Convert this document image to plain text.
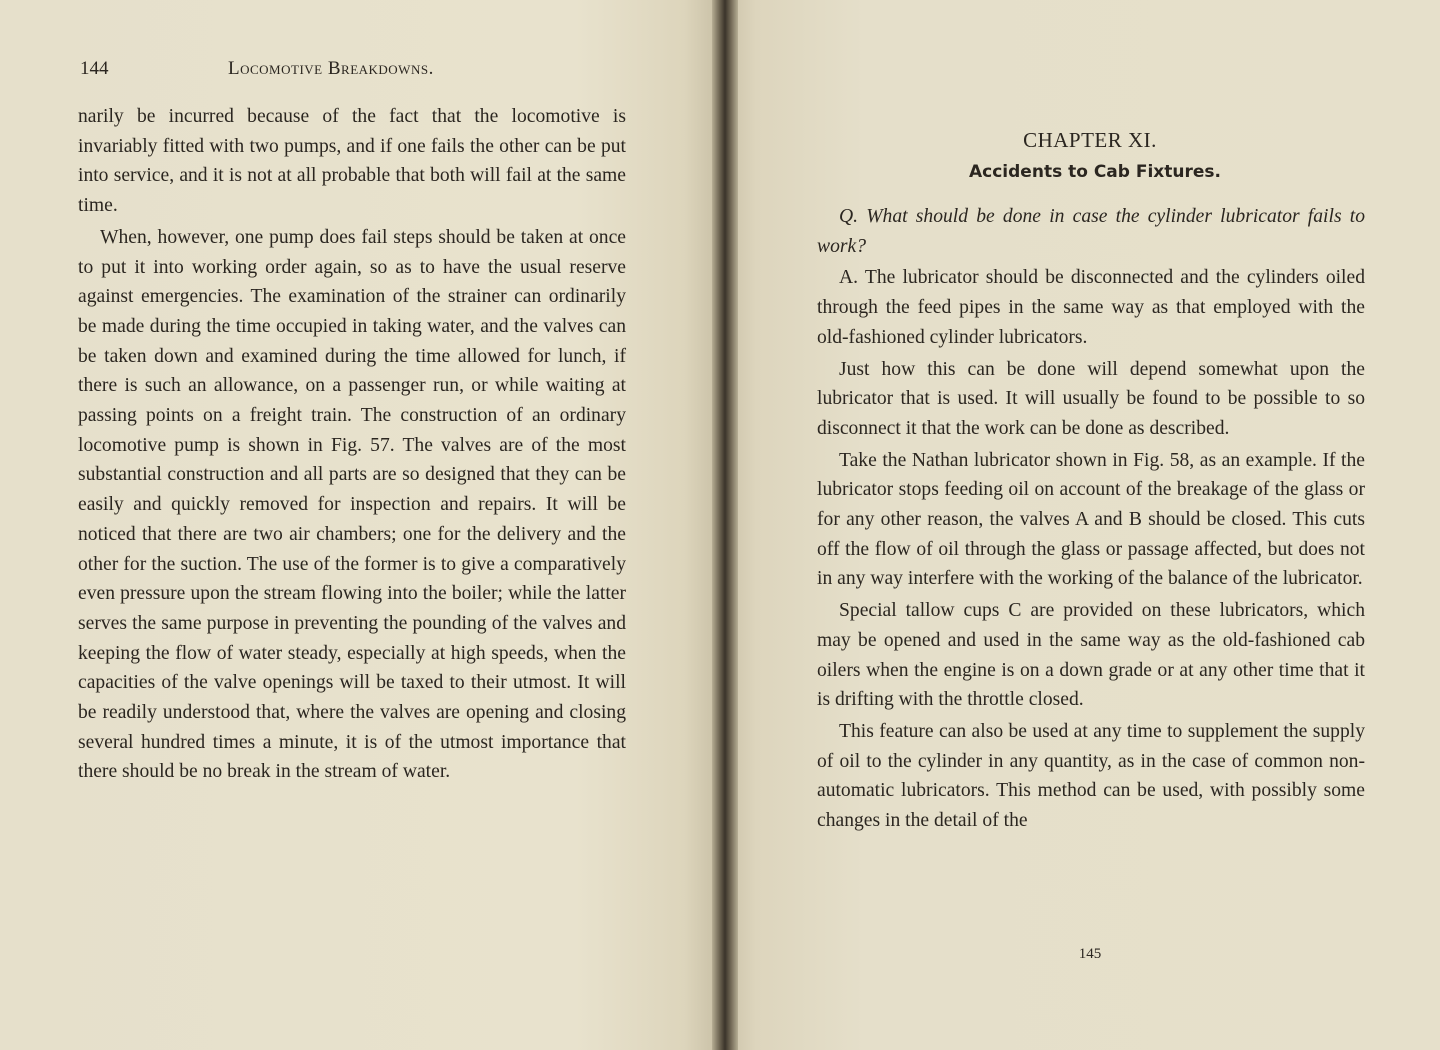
144	Locomotive Breakdowns.

narily be incurred because of the fact that the locomotive is invariably fitted with two pumps, and if one fails the other can be put into service, and it is not at all probable that both will fail at the same time.

When, however, one pump does fail steps should be taken at once to put it into working order again, so as to have the usual reserve against emergencies. The examination of the strainer can ordinarily be made during the time occupied in taking water, and the valves can be taken down and examined during the time allowed for lunch, if there is such an allowance, on a passenger run, or while waiting at passing points on a freight train. The construction of an ordinary locomotive pump is shown in Fig. 57. The valves are of the most substantial construction and all parts are so designed that they can be easily and quickly removed for inspection and repairs. It will be noticed that there are two air chambers; one for the delivery and the other for the suction. The use of the former is to give a comparatively even pressure upon the stream flowing into the boiler; while the latter serves the same purpose in preventing the pounding of the valves and keeping the flow of water steady, especially at high speeds, when the capacities of the valve openings will be taxed to their utmost. It will be readily understood that, where the valves are opening and closing several hundred times a minute, it is of the utmost importance that there should be no break in the stream of water.

CHAPTER XI.
Accidents to Cab Fixtures.

Q. What should be done in case the cylinder lubricator fails to work?

A. The lubricator should be disconnected and the cylinders oiled through the feed pipes in the same way as that employed with the old-fashioned cylinder lubricators.

Just how this can be done will depend somewhat upon the lubricator that is used. It will usually be found to be possible to so disconnect it that the work can be done as described.

Take the Nathan lubricator shown in Fig. 58, as an example. If the lubricator stops feeding oil on account of the breakage of the glass or for any other reason, the valves A and B should be closed. This cuts off the flow of oil through the glass or passage affected, but does not in any way interfere with the working of the balance of the lubricator.

Special tallow cups C are provided on these lubricators, which may be opened and used in the same way as the old-fashioned cab oilers when the engine is on a down grade or at any other time that it is drifting with the throttle closed.

This feature can also be used at any time to supplement the supply of oil to the cylinder in any quantity, as in the case of common non-automatic lubricators. This method can be used, with possibly some changes in the detail of the

145
